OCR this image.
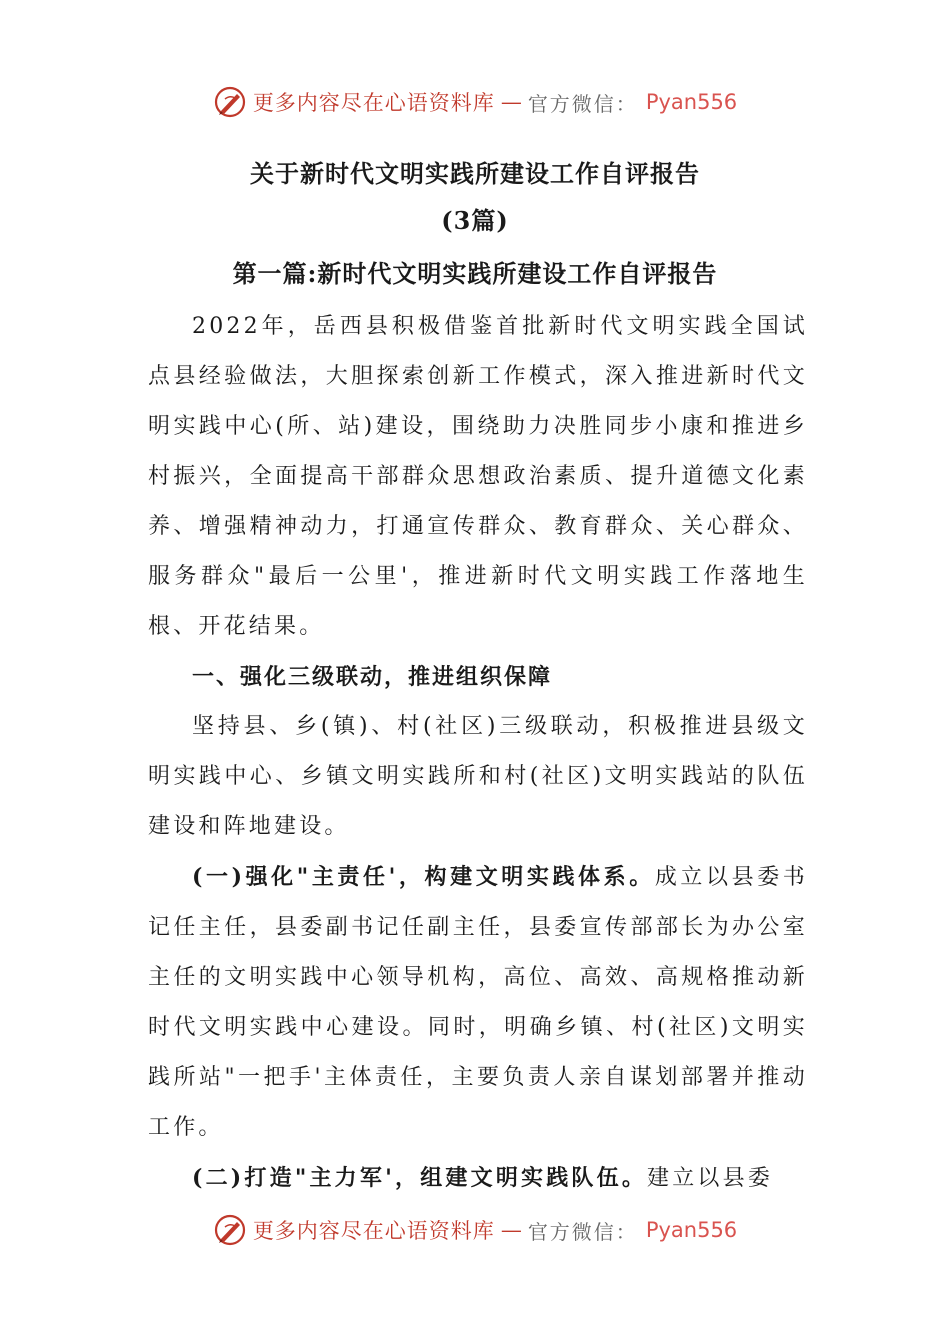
更多内容尽在心语资料库 — 官方微信： Pyan556
关于新时代文明实践所建设工作自评报告
(3篇)
第一篇:新时代文明实践所建设工作自评报告

2022年，岳西县积极借鉴首批新时代文明实践全国试点县经验做法，大胆探索创新工作模式，深入推进新时代文明实践中心(所、站)建设，围绕助力决胜同步小康和推进乡村振兴，全面提高干部群众思想政治素质、提升道德文化素养、增强精神动力，打通宣传群众、教育群众、关心群众、服务群众"最后一公里'，推进新时代文明实践工作落地生根、开花结果。

一、强化三级联动，推进组织保障

坚持县、乡(镇)、村(社区)三级联动，积极推进县级文明实践中心、乡镇文明实践所和村(社区)文明实践站的队伍建设和阵地建设。

(一)强化"主责任'，构建文明实践体系。成立以县委书记任主任，县委副书记任副主任，县委宣传部部长为办公室主任的文明实践中心领导机构，高位、高效、高规格推动新时代文明实践中心建设。同时，明确乡镇、村(社区)文明实践所站"一把手'主体责任，主要负责人亲自谋划部署并推动工作。

(二)打造"主力军'，组建文明实践队伍。建立以县委

更多内容尽在心语资料库 — 官方微信： Pyan556
